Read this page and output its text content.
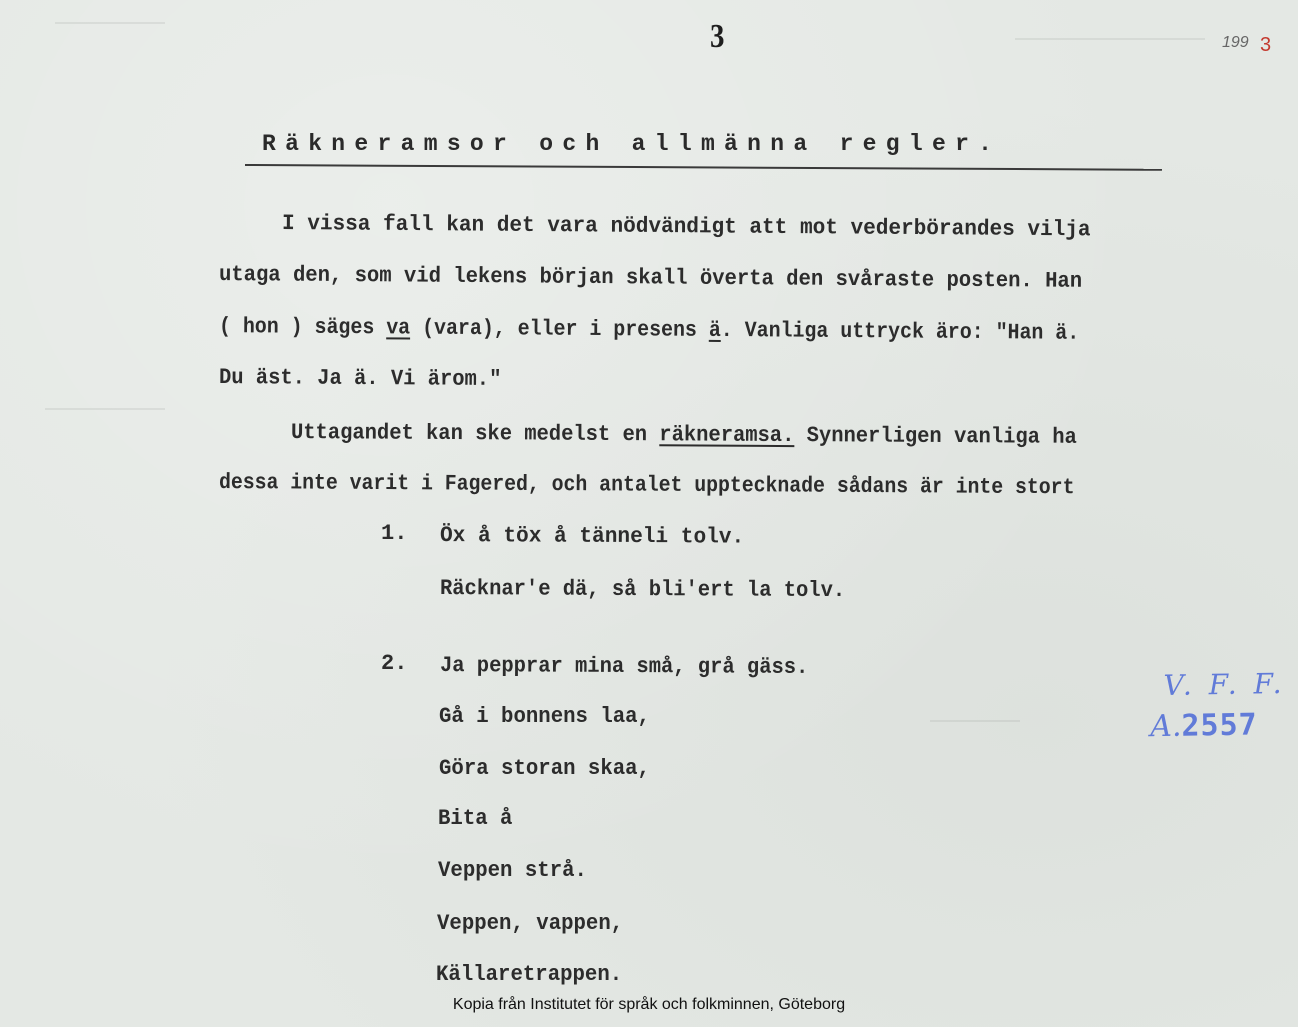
3	199 3
Räkneramsor och allmänna regler.
I vissa fall kan det vara nödvändigt att mot vederbörandes vilja
utaga den, som vid lekens början skall överta den svåraste posten. Han
( hon ) säges va (vara), eller i presens ä. Vanliga uttryck äro: "Han ä.
Du äst. Ja ä. Vi ärom."
Uttagandet kan ske medelst en räkneramsa. Synnerligen vanliga ha
dessa inte varit i Fagered, och antalet upptecknade sådans är inte stort
1. Öx å töx å tänneli tolv.
Räcknar'e dä, så bli'ert la tolv.
2. Ja pepprar mina små, grå gäss.
Gå i bonnens laa,
Göra storan skaa,
Bita å
Veppen strå.
Veppen, vappen,
Källaretrappen.
V. F. F.
A.2557
Kopia från Institutet för språk och folkminnen, Göteborg
